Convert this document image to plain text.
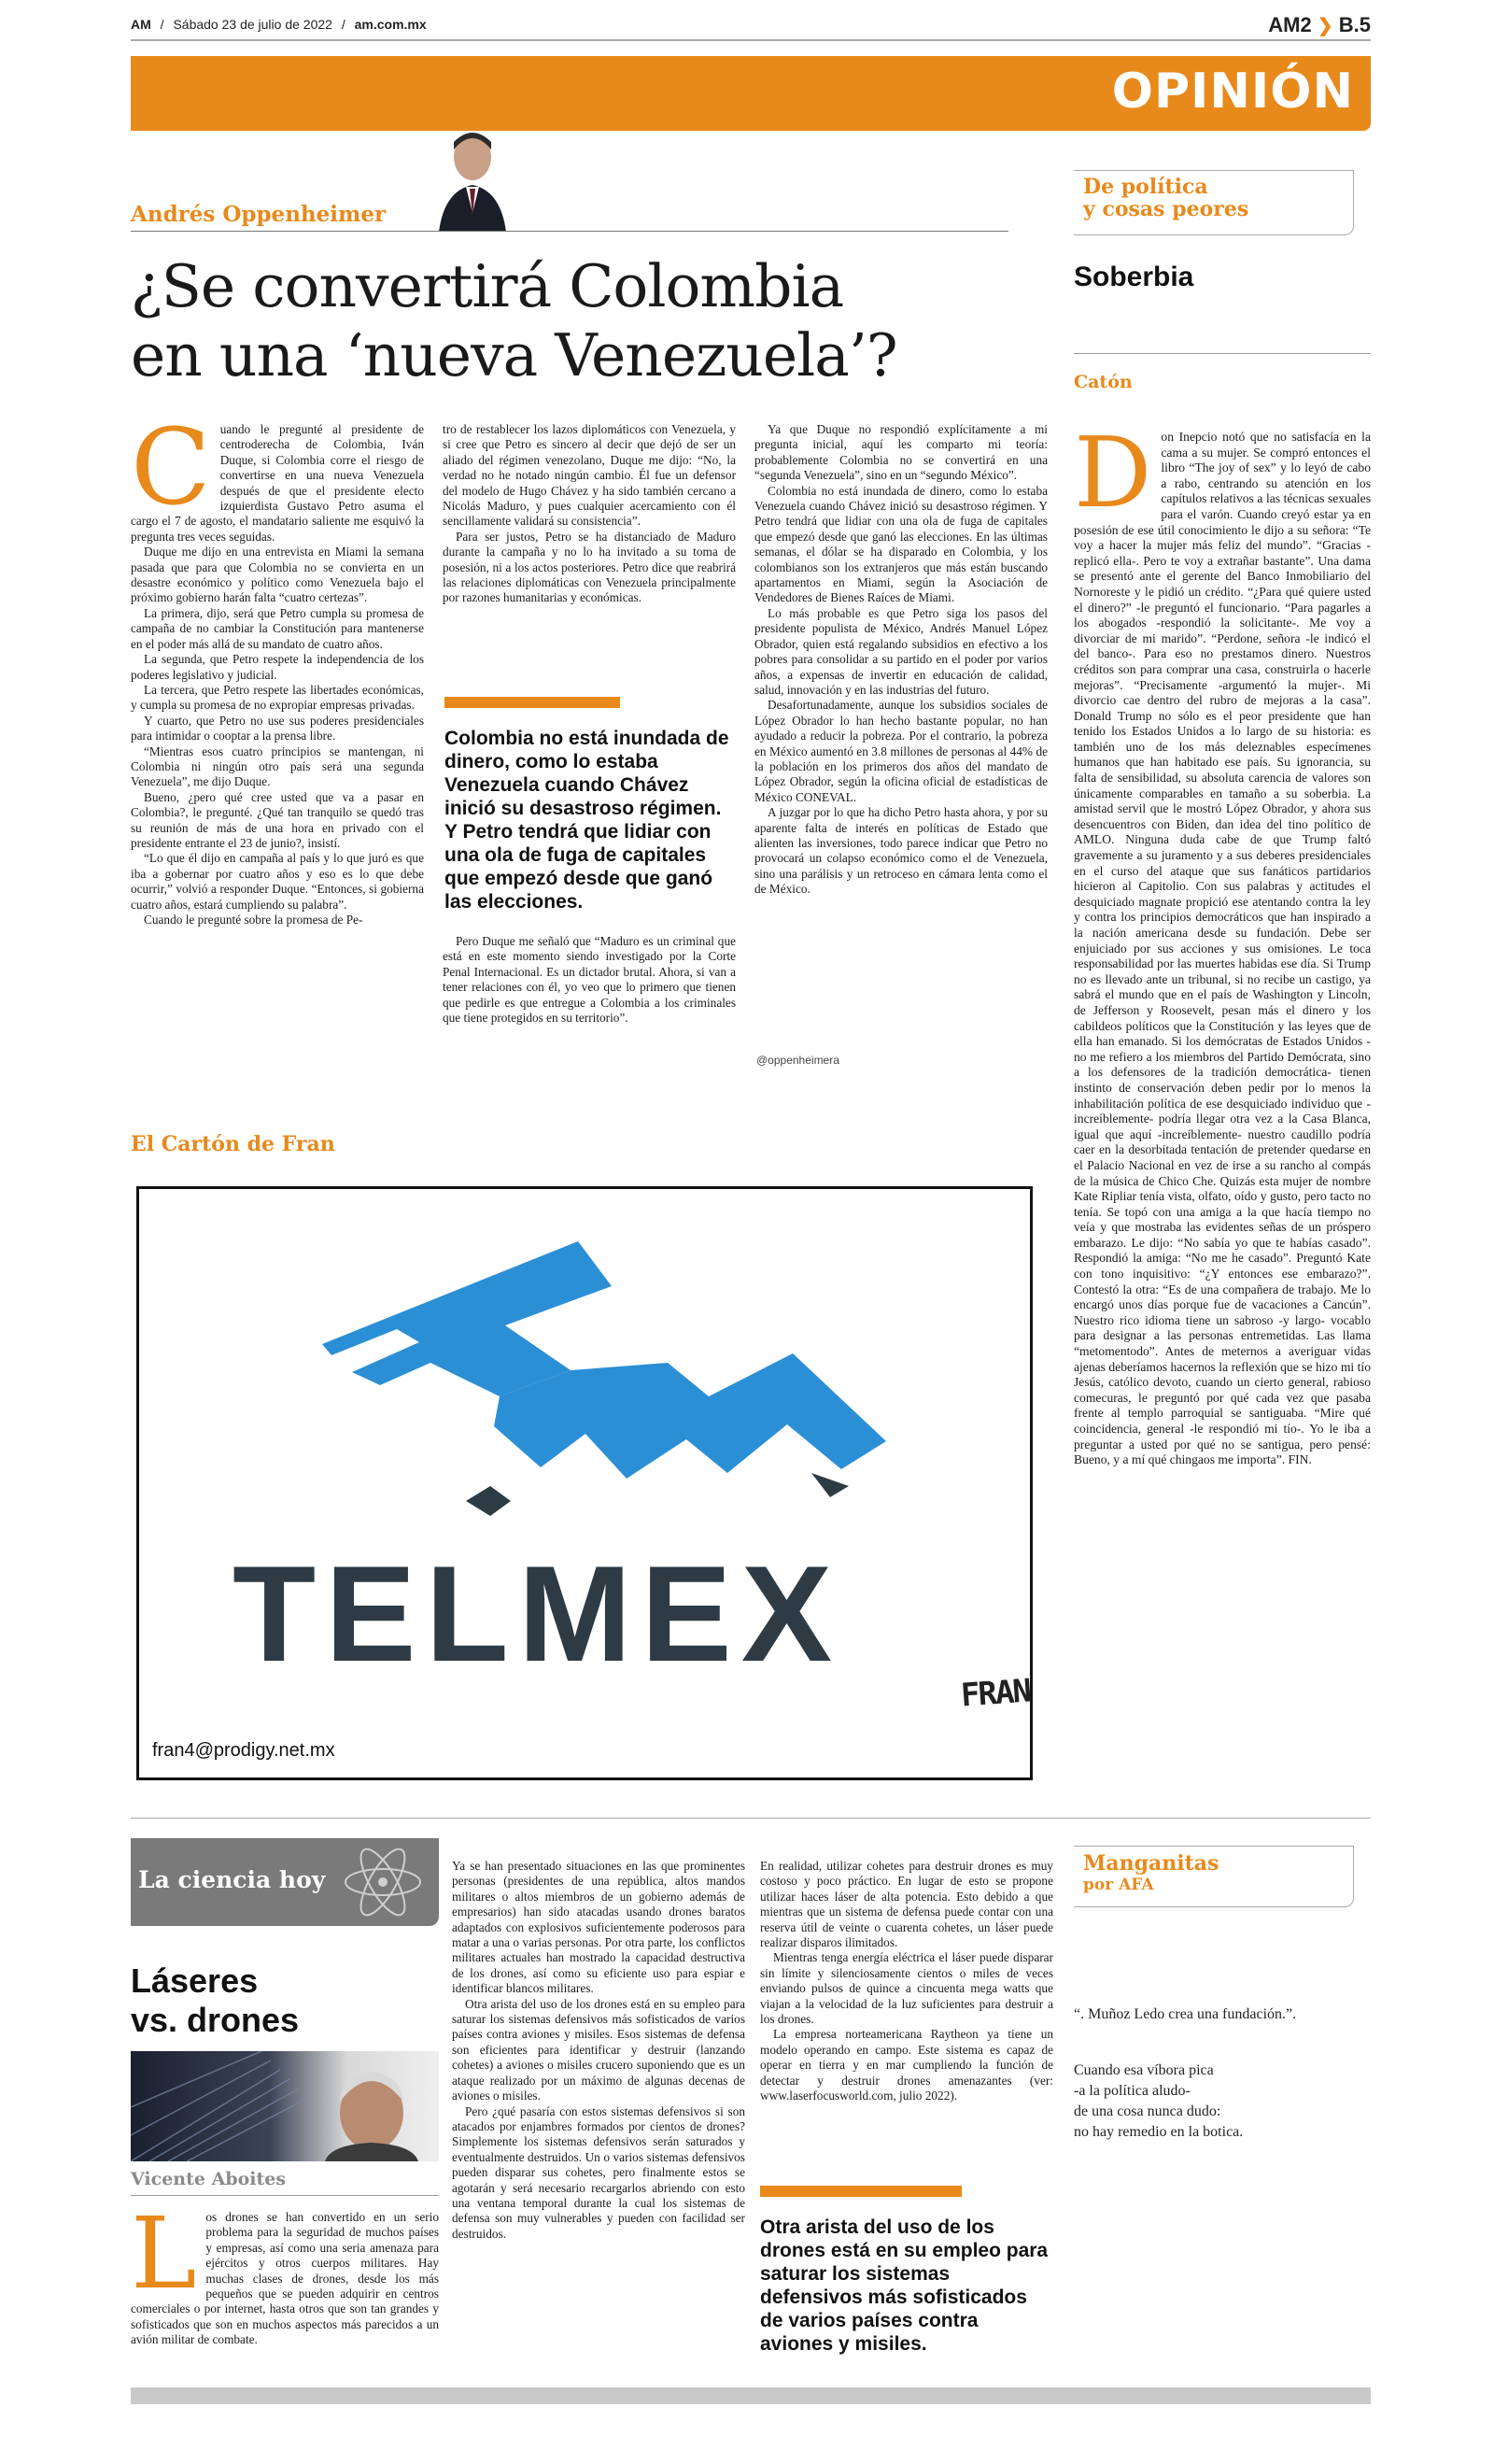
AM / Sábado 23 de julio de 2022 / am.com.mx	AM2 ❯ B.5
OPINIÓN
Andrés Oppenheimer
¿Se convertirá Colombia
en una ‘nueva Venezuela’?
C uando le pregunté al presidente de centroderecha de Colombia, Iván Duque, si Colombia corre el riesgo de convertirse en una nueva Venezuela después de que el presidente electo izquierdista Gustavo Petro asuma el cargo el 7 de agosto, el mandatario saliente me esquivó la pregunta tres veces seguidas.

Duque me dijo en una entrevista en Miami la semana pasada que para que Colombia no se convierta en un desastre económico y político como Venezuela bajo el próximo gobierno harán falta “cuatro certezas”.

La primera, dijo, será que Petro cumpla su promesa de campaña de no cambiar la Constitución para mantenerse en el poder más allá de su mandato de cuatro años.

La segunda, que Petro respete la independencia de los poderes legislativo y judicial.

La tercera, que Petro respete las libertades económicas, y cumpla su promesa de no expropiar empresas privadas.

Y cuarto, que Petro no use sus poderes presidenciales para intimidar o cooptar a la prensa libre.

“Mientras esos cuatro principios se mantengan, ni Colombia ni ningún otro país será una segunda Venezuela”, me dijo Duque.

Bueno, ¿pero qué cree usted que va a pasar en Colombia?, le pregunté. ¿Qué tan tranquilo se quedó tras su reunión de más de una hora en privado con el presidente entrante el 23 de junio?, insistí.

“Lo que él dijo en campaña al país y lo que juró es que iba a gobernar por cuatro años y eso es lo que debe ocurrir,” volvió a responder Duque. “Entonces, si gobierna cuatro años, estará cumpliendo su palabra”.

Cuando le pregunté sobre la promesa de Pe-

tro de restablecer los lazos diplomáticos con Venezuela, y si cree que Petro es sincero al decir que dejó de ser un aliado del régimen venezolano, Duque me dijo: “No, la verdad no he notado ningún cambio. Él fue un defensor del modelo de Hugo Chávez y ha sido también cercano a Nicolás Maduro, y pues cualquier acercamiento con él sencillamente validará su consistencia”.

Para ser justos, Petro se ha distanciado de Maduro durante la campaña y no lo ha invitado a su toma de posesión, ni a los actos posteriores. Petro dice que reabrirá las relaciones diplomáticas con Venezuela principalmente por razones humanitarias y económicas.

Colombia no está inundada de dinero, como lo estaba Venezuela cuando Chávez inició su desastroso régimen. Y Petro tendrá que lidiar con una ola de fuga de capitales que empezó desde que ganó las elecciones.

Pero Duque me señaló que “Maduro es un criminal que está en este momento siendo investigado por la Corte Penal Internacional. Es un dictador brutal. Ahora, si van a tener relaciones con él, yo veo que lo primero que tienen que pedirle es que entregue a Colombia a los criminales que tiene protegidos en su territorio”.

Ya que Duque no respondió explícitamente a mi pregunta inicial, aquí les comparto mi teoría: probablemente Colombia no se convertirá en una “segunda Venezuela”, sino en un “segundo México”.

Colombia no está inundada de dinero, como lo estaba Venezuela cuando Chávez inició su desastroso régimen. Y Petro tendrá que lidiar con una ola de fuga de capitales que empezó desde que ganó las elecciones. En las últimas semanas, el dólar se ha disparado en Colombia, y los colombianos son los extranjeros que más están buscando apartamentos en Miami, según la Asociación de Vendedores de Bienes Raíces de Miami.

Lo más probable es que Petro siga los pasos del presidente populista de México, Andrés Manuel López Obrador, quien está regalando subsidios en efectivo a los pobres para consolidar a su partido en el poder por varios años, a expensas de invertir en educación de calidad, salud, innovación y en las industrias del futuro.

Desafortunadamente, aunque los subsidios sociales de López Obrador lo han hecho bastante popular, no han ayudado a reducir la pobreza. Por el contrario, la pobreza en México aumentó en 3.8 millones de personas al 44% de la población en los primeros dos años del mandato de López Obrador, según la oficina oficial de estadísticas de México CONEVAL.

A juzgar por lo que ha dicho Petro hasta ahora, y por su aparente falta de interés en políticas de Estado que alienten las inversiones, todo parece indicar que Petro no provocará un colapso económico como el de Venezuela, sino una parálisis y un retroceso en cámara lenta como el de México.

@oppenheimera
De política
y cosas peores
Soberbia
Catón
D on Inepcio notó que no satisfacía en la cama a su mujer. Se compró entonces el libro “The joy of sex” y lo leyó de cabo a rabo, centrando su atención en los capítulos relativos a las técnicas sexuales para el varón. Cuando creyó estar ya en posesión de ese útil conocimiento le dijo a su señora: “Te voy a hacer la mujer más feliz del mundo”. “Gracias -replicó ella-. Pero te voy a extrañar bastante”. Una dama se presentó ante el gerente del Banco Inmobiliario del Nornoreste y le pidió un crédito. “¿Para qué quiere usted el dinero?” -le preguntó el funcionario. “Para pagarles a los abogados -respondió la solicitante-. Me voy a divorciar de mi marido”. “Perdone, señora -le indicó el del banco-. Para eso no prestamos dinero. Nuestros créditos son para comprar una casa, construirla o hacerle mejoras”. “Precisamente -argumentó la mujer-. Mi divorcio cae dentro del rubro de mejoras a la casa”. Donald Trump no sólo es el peor presidente que han tenido los Estados Unidos a lo largo de su historia: es también uno de los más deleznables especímenes humanos que han habitado ese país. Su ignorancia, su falta de sensibilidad, su absoluta carencia de valores son únicamente comparables en tamaño a su soberbia. La amistad servil que le mostró López Obrador, y ahora sus desencuentros con Biden, dan idea del tino político de AMLO. Ninguna duda cabe de que Trump faltó gravemente a su juramento y a sus deberes presidenciales en el curso del ataque que sus fanáticos partidarios hicieron al Capitolio. Con sus palabras y actitudes el desquiciado magnate propició ese atentando contra la ley y contra los principios democráticos que han inspirado a la nación americana desde su fundación. Debe ser enjuiciado por sus acciones y sus omisiones. Le toca responsabilidad por las muertes habidas ese día. Si Trump no es llevado ante un tribunal, si no recibe un castigo, ya sabrá el mundo que en el país de Washington y Lincoln, de Jefferson y Roosevelt, pesan más el dinero y los cabildeos políticos que la Constitución y las leyes que de ella han emanado. Si los demócratas de Estados Unidos -no me refiero a los miembros del Partido Demócrata, sino a los defensores de la tradición democrática- tienen instinto de conservación deben pedir por lo menos la inhabilitación política de ese desquiciado individuo que -increíblemente- podría llegar otra vez a la Casa Blanca, igual que aquí -increíblemente- nuestro caudillo podría caer en la desorbitada tentación de pretender quedarse en el Palacio Nacional en vez de irse a su rancho al compás de la música de Chico Che. Quizás esta mujer de nombre Kate Ripliar tenía vista, olfato, oído y gusto, pero tacto no tenía. Se topó con una amiga a la que hacía tiempo no veía y que mostraba las evidentes señas de un próspero embarazo. Le dijo: “No sabía yo que te habías casado”. Respondió la amiga: “No me he casado”. Preguntó Kate con tono inquisitivo: “¿Y entonces ese embarazo?”. Contestó la otra: “Es de una compañera de trabajo. Me lo encargó unos días porque fue de vacaciones a Cancún”. Nuestro rico idioma tiene un sabroso -y largo- vocablo para designar a las personas entremetidas. Las llama “metomentodo”. Antes de meternos a averiguar vidas ajenas deberíamos hacernos la reflexión que se hizo mi tío Jesús, católico devoto, cuando un cierto general, rabioso comecuras, le preguntó por qué cada vez que pasaba frente al templo parroquial se santiguaba. “Mire qué coincidencia, general -le respondió mi tío-. Yo le iba a preguntar a usted por qué no se santigua, pero pensé: Bueno, y a mí qué chingaos me importa”. FIN.

El Cartón de Fran
TELMEX
fran4@prodigy.net.mx
FRAN
La ciencia hoy
Láseres
vs. drones
Vicente Aboites
L os drones se han convertido en un serio problema para la seguridad de muchos países y empresas, así como una seria amenaza para ejércitos y otros cuerpos militares. Hay muchas clases de drones, desde los más pequeños que se pueden adquirir en centros comerciales o por internet, hasta otros que son tan grandes y sofisticados que son en muchos aspectos más parecidos a un avión militar de combate.

Ya se han presentado situaciones en las que prominentes personas (presidentes de una república, altos mandos militares o altos miembros de un gobierno además de empresarios) han sido atacadas usando drones baratos adaptados con explosivos suficientemente poderosos para matar a una o varias personas. Por otra parte, los conflictos militares actuales han mostrado la capacidad destructiva de los drones, así como su eficiente uso para espiar e identificar blancos militares.

Otra arista del uso de los drones está en su empleo para saturar los sistemas defensivos más sofisticados de varios países contra aviones y misiles. Esos sistemas de defensa son eficientes para identificar y destruir (lanzando cohetes) a aviones o misiles crucero suponiendo que es un ataque realizado por un máximo de algunas decenas de aviones o misiles.

Pero ¿qué pasaría con estos sistemas defensivos si son atacados por enjambres formados por cientos de drones? Simplemente los sistemas defensivos serán saturados y eventualmente destruidos. Un o varios sistemas defensivos pueden disparar sus cohetes, pero finalmente estos se agotarán y será necesario recargarlos abriendo con esto una ventana temporal durante la cual los sistemas de defensa son muy vulnerables y pueden con facilidad ser destruidos.

En realidad, utilizar cohetes para destruir drones es muy costoso y poco práctico. En lugar de esto se propone utilizar haces láser de alta potencia. Esto debido a que mientras que un sistema de defensa puede contar con una reserva útil de veinte o cuarenta cohetes, un láser puede realizar disparos ilimitados.

Mientras tenga energía eléctrica el láser puede disparar sin límite y silenciosamente cientos o miles de veces enviando pulsos de quince a cincuenta mega watts que viajan a la velocidad de la luz suficientes para destruir a los drones.

La empresa norteamericana Raytheon ya tiene un modelo operando en campo. Este sistema es capaz de operar en tierra y en mar cumpliendo la función de detectar y destruir drones amenazantes (ver: www.laserfocusworld.com, julio 2022).

Otra arista del uso de los drones está en su empleo para saturar los sistemas defensivos más sofisticados de varios países contra aviones y misiles.
Manganitas
por AFA
“. Muñoz Ledo crea una fundación.”.
Cuando esa víbora pica
-a la política aludo-
de una cosa nunca dudo:
no hay remedio en la botica.
